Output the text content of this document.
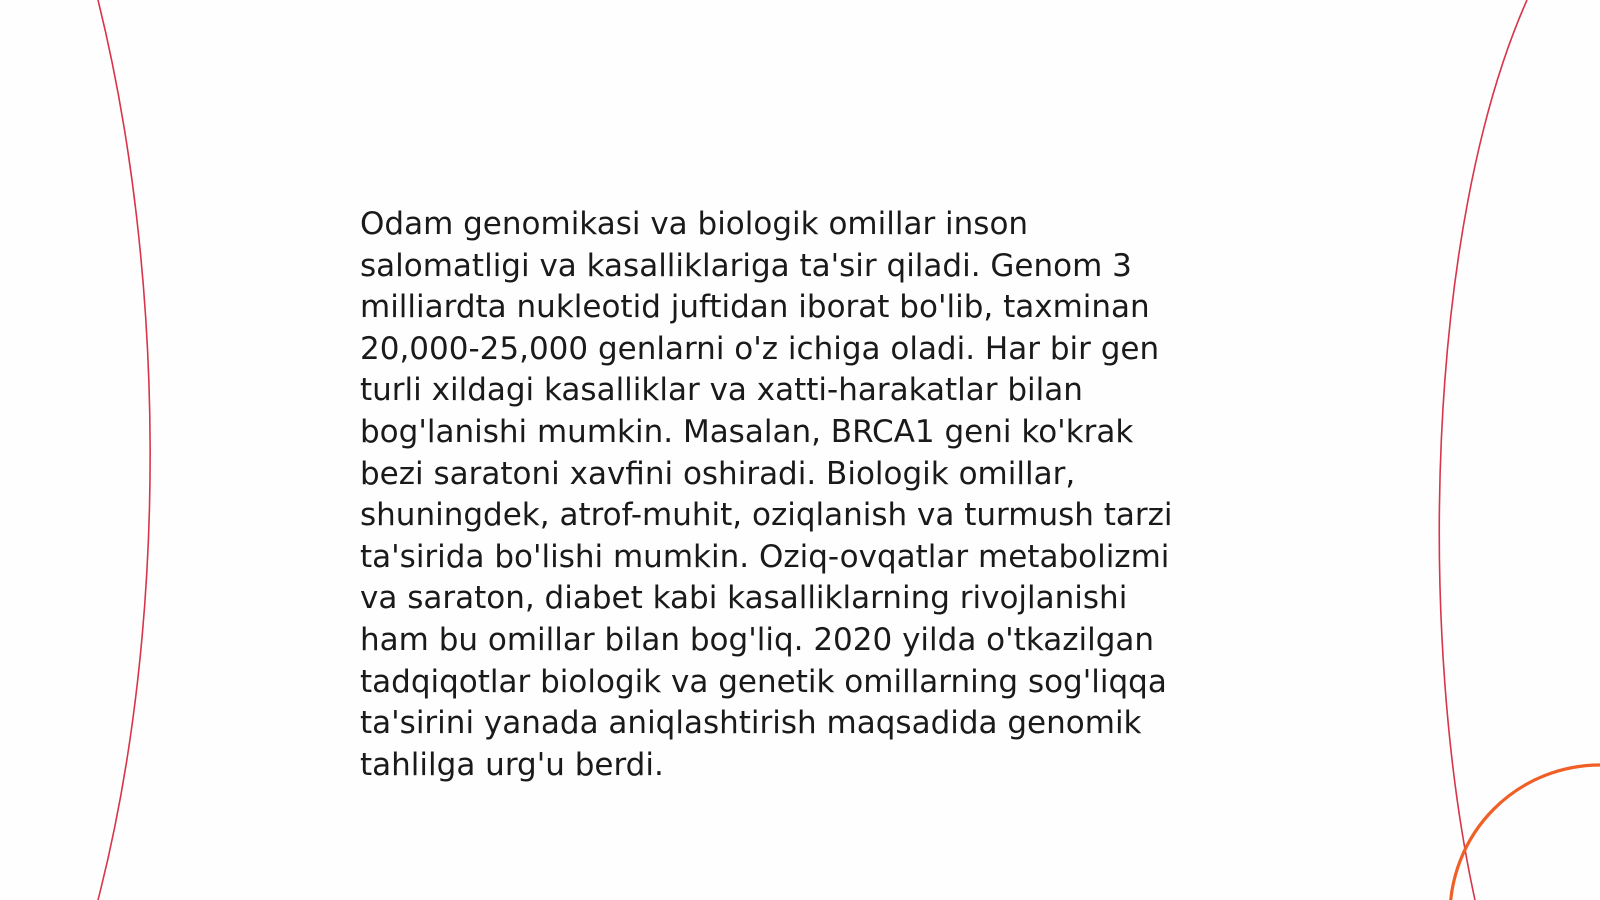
Odam genomikasi va biologik omillar inson
salomatligi va kasalliklariga ta'sir qiladi. Genom 3
milliardta nukleotid juftidan iborat bo'lib, taxminan
20,000-25,000 genlarni o'z ichiga oladi. Har bir gen
turli xildagi kasalliklar va xatti-harakatlar bilan
bog'lanishi mumkin. Masalan, BRCA1 geni ko'krak
bezi saratoni xavfini oshiradi. Biologik omillar,
shuningdek, atrof-muhit, oziqlanish va turmush tarzi
ta'sirida bo'lishi mumkin. Oziq-ovqatlar metabolizmi
va saraton, diabet kabi kasalliklarning rivojlanishi
ham bu omillar bilan bog'liq. 2020 yilda o'tkazilgan
tadqiqotlar biologik va genetik omillarning sog'liqqa
ta'sirini yanada aniqlashtirish maqsadida genomik
tahlilga urg'u berdi.
